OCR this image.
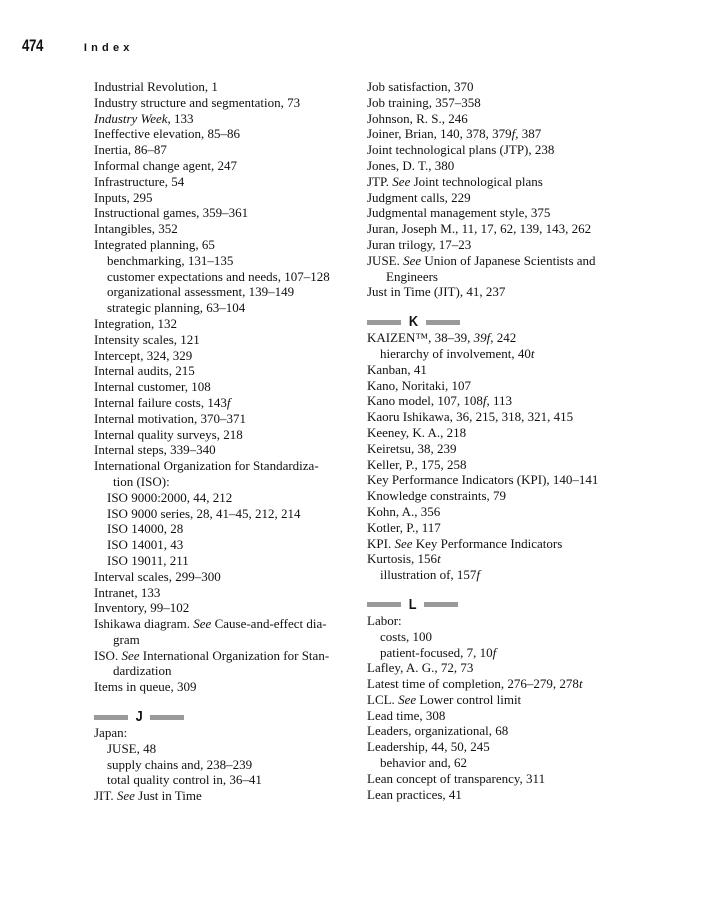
474	Index
Industrial Revolution, 1
Industry structure and segmentation, 73
Industry Week, 133
Ineffective elevation, 85–86
Inertia, 86–87
Informal change agent, 247
Infrastructure, 54
Inputs, 295
Instructional games, 359–361
Intangibles, 352
Integrated planning, 65
benchmarking, 131–135
customer expectations and needs, 107–128
organizational assessment, 139–149
strategic planning, 63–104
Integration, 132
Intensity scales, 121
Intercept, 324, 329
Internal audits, 215
Internal customer, 108
Internal failure costs, 143f
Internal motivation, 370–371
Internal quality surveys, 218
Internal steps, 339–340
International Organization for Standardiza-
tion (ISO):
ISO 9000:2000, 44, 212
ISO 9000 series, 28, 41–45, 212, 214
ISO 14000, 28
ISO 14001, 43
ISO 19011, 211
Interval scales, 299–300
Intranet, 133
Inventory, 99–102
Ishikawa diagram. See Cause-and-effect dia-
gram
ISO. See International Organization for Stan-
dardization
Items in queue, 309
J
Japan:
JUSE, 48
supply chains and, 238–239
total quality control in, 36–41
JIT. See Just in Time
Job satisfaction, 370
Job training, 357–358
Johnson, R. S., 246
Joiner, Brian, 140, 378, 379f, 387
Joint technological plans (JTP), 238
Jones, D. T., 380
JTP. See Joint technological plans
Judgment calls, 229
Judgmental management style, 375
Juran, Joseph M., 11, 17, 62, 139, 143, 262
Juran trilogy, 17–23
JUSE. See Union of Japanese Scientists and
Engineers
Just in Time (JIT), 41, 237
K
KAIZEN™, 38–39, 39f, 242
hierarchy of involvement, 40t
Kanban, 41
Kano, Noritaki, 107
Kano model, 107, 108f, 113
Kaoru Ishikawa, 36, 215, 318, 321, 415
Keeney, K. A., 218
Keiretsu, 38, 239
Keller, P., 175, 258
Key Performance Indicators (KPI), 140–141
Knowledge constraints, 79
Kohn, A., 356
Kotler, P., 117
KPI. See Key Performance Indicators
Kurtosis, 156t
illustration of, 157f
L
Labor:
costs, 100
patient-focused, 7, 10f
Lafley, A. G., 72, 73
Latest time of completion, 276–279, 278t
LCL. See Lower control limit
Lead time, 308
Leaders, organizational, 68
Leadership, 44, 50, 245
behavior and, 62
Lean concept of transparency, 311
Lean practices, 41
